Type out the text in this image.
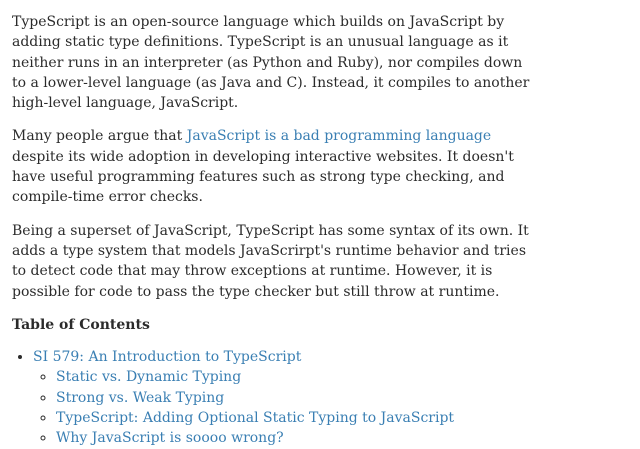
TypeScript is an open-source language which builds on JavaScript by adding static type definitions. TypeScript is an unusual language as it neither runs in an interpreter (as Python and Ruby), nor compiles down to a lower-level language (as Java and C). Instead, it compiles to another high-level language, JavaScript.

Many people argue that JavaScript is a bad programming language despite its wide adoption in developing interactive websites. It doesn't have useful programming features such as strong type checking, and compile-time error checks.

Being a superset of JavaScript, TypeScript has some syntax of its own. It adds a type system that models JavaScrirpt's runtime behavior and tries to detect code that may throw exceptions at runtime. However, it is possible for code to pass the type checker but still throw at runtime.

Table of Contents
• SI 579: An Introduction to TypeScript
◦ Static vs. Dynamic Typing
◦ Strong vs. Weak Typing
◦ TypeScript: Adding Optional Static Typing to JavaScript
◦ Why JavaScript is soooo wrong?
